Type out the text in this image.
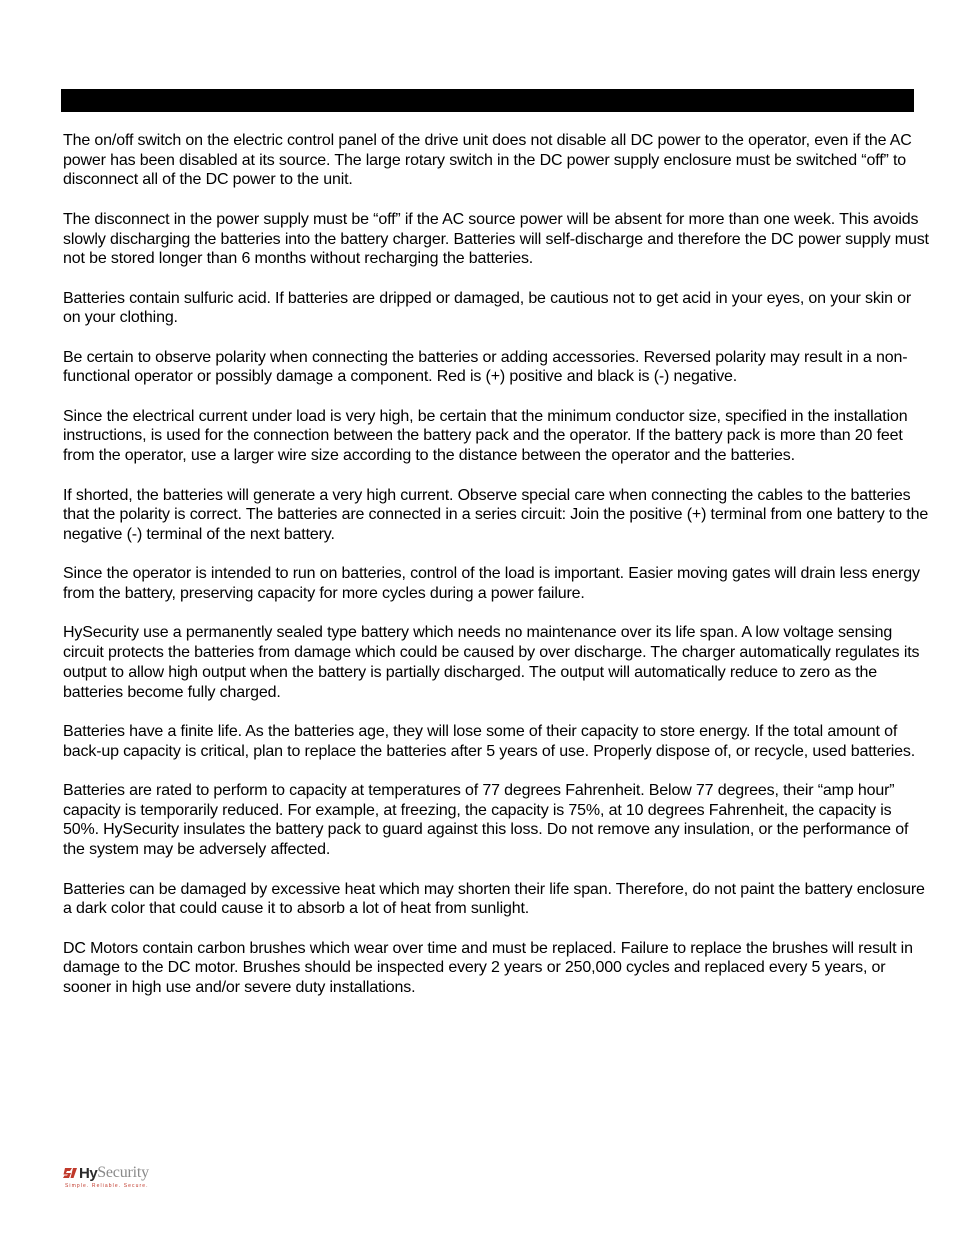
The on/off switch on the electric control panel of the drive unit does not disable all DC power to the operator, even if the AC power has been disabled at its source. The large rotary switch in the DC power supply enclosure must be switched “off” to disconnect all of the DC power to the unit.

The disconnect in the power supply must be “off” if the AC source power will be absent for more than one week. This avoids slowly discharging the batteries into the battery charger. Batteries will self-discharge and therefore the DC power supply must not be stored longer than 6 months without recharging the batteries.

Batteries contain sulfuric acid. If batteries are dripped or damaged, be cautious not to get acid in your eyes, on your skin or on your clothing.

Be certain to observe polarity when connecting the batteries or adding accessories. Reversed polarity may result in a non-functional operator or possibly damage a component. Red is (+) positive and black is (-) negative.

Since the electrical current under load is very high, be certain that the minimum conductor size, specified in the installation instructions, is used for the connection between the battery pack and the operator. If the battery pack is more than 20 feet from the operator, use a larger wire size according to the distance between the operator and the batteries.

If shorted, the batteries will generate a very high current. Observe special care when connecting the cables to the batteries that the polarity is correct. The batteries are connected in a series circuit: Join the positive (+) terminal from one battery to the negative (-) terminal of the next battery.

Since the operator is intended to run on batteries, control of the load is important. Easier moving gates will drain less energy from the battery, preserving capacity for more cycles during a power failure.

HySecurity use a permanently sealed type battery which needs no maintenance over its life span. A low voltage sensing circuit protects the batteries from damage which could be caused by over discharge. The charger automatically regulates its output to allow high output when the battery is partially discharged. The output will automatically reduce to zero as the batteries become fully charged.

Batteries have a finite life. As the batteries age, they will lose some of their capacity to store energy. If the total amount of back-up capacity is critical, plan to replace the batteries after 5 years of use. Properly dispose of, or recycle, used batteries.

Batteries are rated to perform to capacity at temperatures of 77 degrees Fahrenheit. Below 77 degrees, their “amp hour” capacity is temporarily reduced. For example, at freezing, the capacity is 75%, at 10 degrees Fahrenheit, the capacity is 50%. HySecurity insulates the battery pack to guard against this loss. Do not remove any insulation, or the performance of the system may be adversely affected.

Batteries can be damaged by excessive heat which may shorten their life span. Therefore, do not paint the battery enclosure a dark color that could cause it to absorb a lot of heat from sunlight.

DC Motors contain carbon brushes which wear over time and must be replaced. Failure to replace the brushes will result in damage to the DC motor. Brushes should be inspected every 2 years or 250,000 cycles and replaced every 5 years, or sooner in high use and/or severe duty installations.

Hy Security
Simple. Reliable. Secure.
